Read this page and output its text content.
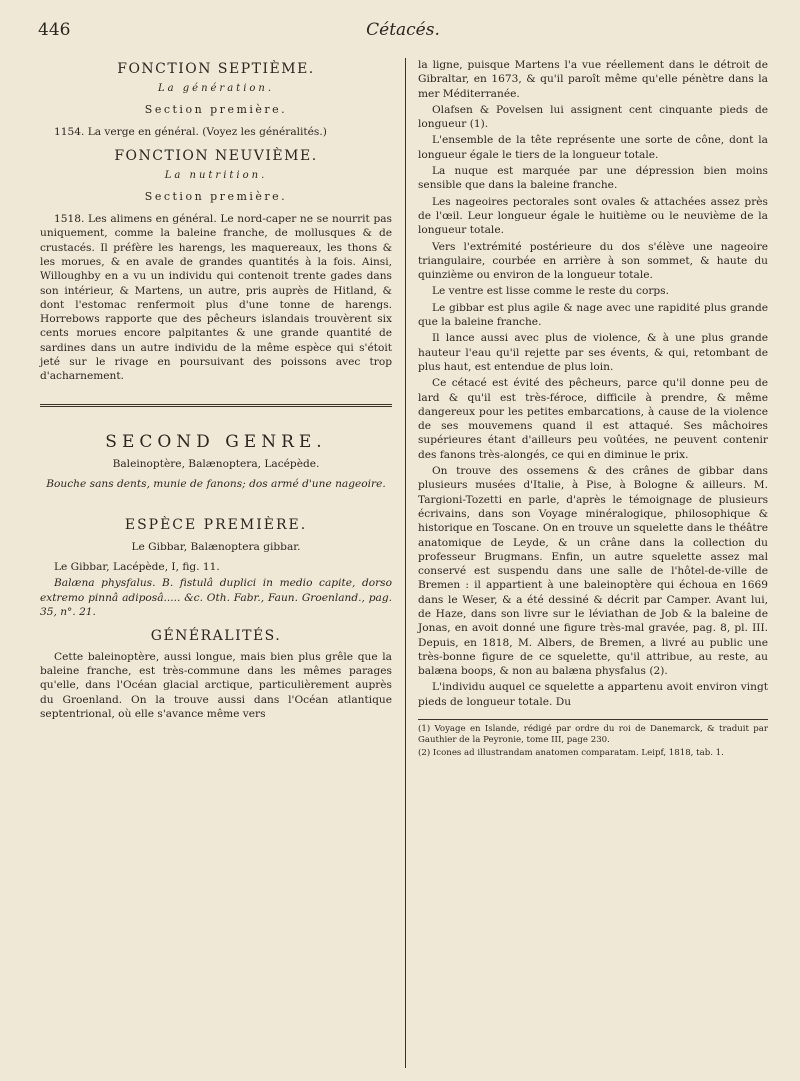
446	Cétacés.
FONCTION SEPTIÈME.
La génération.
Section première.

1154. La verge en général. (Voyez les généralités.)

FONCTION NEUVIÈME.
La nutrition.
Section première.

1518. Les alimens en général. Le nord-caper ne se nourrit pas uniquement, comme la baleine franche, de mollusques & de crustacés. Il préfère les harengs, les maquereaux, les thons & les morues, & en avale de grandes quantités à la fois. Ainsi, Willoughby en a vu un individu qui contenoit trente gades dans son intérieur, & Martens, un autre, pris auprès de Hitland, & dont l'estomac renfermoit plus d'une tonne de harengs. Horrebows rapporte que des pêcheurs islandais trouvèrent six cents morues encore palpitantes & une grande quantité de sardines dans un autre individu de la même espèce qui s'étoit jeté sur le rivage en poursuivant des poissons avec trop d'acharnement.

SECOND GENRE.

Baleinoptère, Balænoptera, Lacépède.

Bouche sans dents, munie de fanons; dos armé d'une nageoire.

ESPÈCE PREMIÈRE.

Le Gibbar, Balænoptera gibbar.

Le Gibbar, Lacépède, I, fig. 11.

Balæna physfalus. B. fistulâ duplici in medio capite, dorso extremo pinnâ adiposâ..... &c. Oth. Fabr., Faun. Groenland., pag. 35, n°. 21.

GÉNÉRALITÉS.

Cette baleinoptère, aussi longue, mais bien plus grêle que la baleine franche, est très-commune dans les mêmes parages qu'elle, dans l'Océan glacial arctique, particulièrement auprès du Groenland. On la trouve aussi dans l'Océan atlantique septentrional, où elle s'avance même vers

la ligne, puisque Martens l'a vue réellement dans le détroit de Gibraltar, en 1673, & qu'il paroît même qu'elle pénètre dans la mer Méditerranée.

Olafsen & Povelsen lui assignent cent cinquante pieds de longueur (1).

L'ensemble de la tête représente une sorte de cône, dont la longueur égale le tiers de la longueur totale.

La nuque est marquée par une dépression bien moins sensible que dans la baleine franche.

Les nageoires pectorales sont ovales & attachées assez près de l'œil. Leur longueur égale le huitième ou le neuvième de la longueur totale.

Vers l'extrémité postérieure du dos s'élève une nageoire triangulaire, courbée en arrière à son sommet, & haute du quinzième ou environ de la longueur totale.

Le ventre est lisse comme le reste du corps.

Le gibbar est plus agile & nage avec une rapidité plus grande que la baleine franche.

Il lance aussi avec plus de violence, & à une plus grande hauteur l'eau qu'il rejette par ses évents, & qui, retombant de plus haut, est entendue de plus loin.

Ce cétacé est évité des pêcheurs, parce qu'il donne peu de lard & qu'il est très-féroce, difficile à prendre, & même dangereux pour les petites embarcations, à cause de la violence de ses mouvemens quand il est attaqué. Ses mâchoires supérieures étant d'ailleurs peu voûtées, ne peuvent contenir des fanons très-alongés, ce qui en diminue le prix.

On trouve des ossemens & des crânes de gibbar dans plusieurs musées d'Italie, à Pise, à Bologne & ailleurs. M. Targioni-Tozetti en parle, d'après le témoignage de plusieurs écrivains, dans son Voyage minéralogique, philosophique & historique en Toscane. On en trouve un squelette dans le théâtre anatomique de Leyde, & un crâne dans la collection du professeur Brugmans. Enfin, un autre squelette assez mal conservé est suspendu dans une salle de l'hôtel-de-ville de Bremen : il appartient à une baleinoptère qui échoua en 1669 dans le Weser, & a été dessiné & décrit par Camper. Avant lui, de Haze, dans son livre sur le léviathan de Job & la baleine de Jonas, en avoit donné une figure très-mal gravée, pag. 8, pl. III. Depuis, en 1818, M. Albers, de Bremen, a livré au public une très-bonne figure de ce squelette, qu'il attribue, au reste, au balæna boops, & non au balæna physfalus (2).

L'individu auquel ce squelette a appartenu avoit environ vingt pieds de longueur totale. Du

(1) Voyage en Islande, rédigé par ordre du roi de Danemarck, & traduit par Gauthier de la Peyronie, tome III, page 230.

(2) Icones ad illustrandam anatomen comparatam. Leipf, 1818, tab. 1.
